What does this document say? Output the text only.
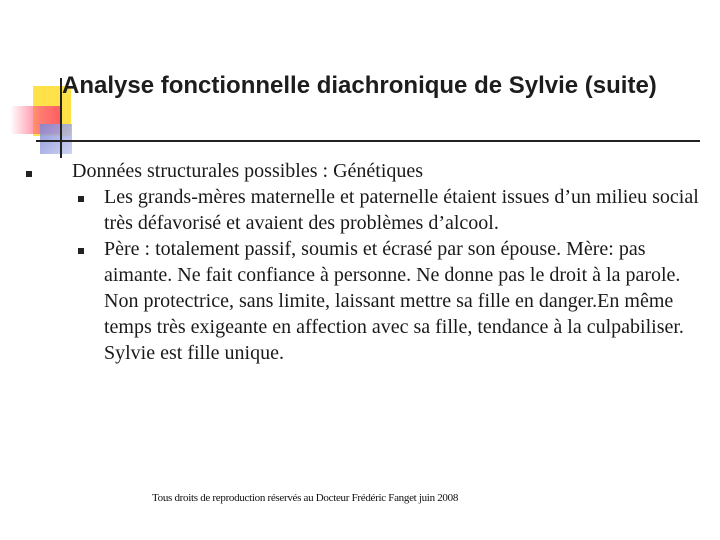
Analyse fonctionnelle diachronique de Sylvie (suite)
Données structurales possibles : Génétiques
Les grands-mères maternelle et paternelle étaient issues d’un milieu social très défavorisé et avaient des problèmes d’alcool.
Père : totalement passif, soumis et écrasé par son épouse. Mère: pas aimante. Ne fait confiance à personne. Ne donne pas le droit à la parole. Non protectrice, sans limite, laissant mettre sa fille en danger.En même temps très exigeante en affection avec sa fille, tendance à la culpabiliser. Sylvie est fille unique.
Tous droits de reproduction réservés au Docteur Frédéric Fanget juin 2008
